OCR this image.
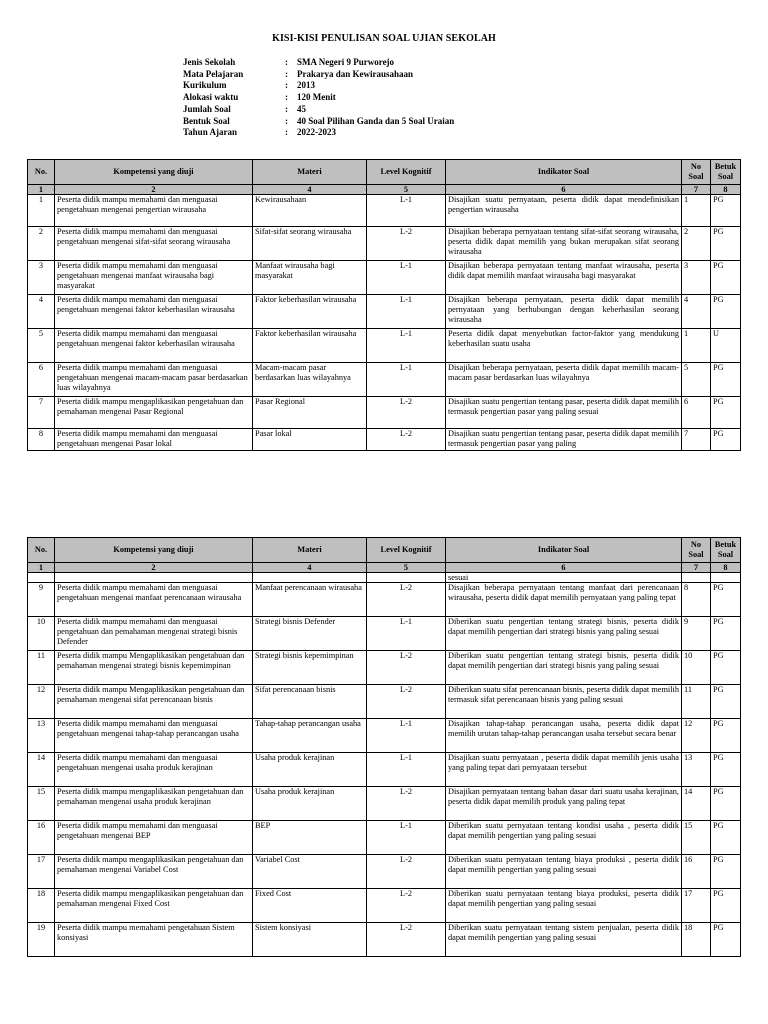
KISI-KISI PENULISAN SOAL UJIAN SEKOLAH
Jenis Sekolah	:	SMA Negeri 9 Purworejo
Mata Pelajaran	:	Prakarya dan Kewirausahaan
Kurikulum	:	2013
Alokasi waktu	:	120 Menit
Jumlah Soal	:	45
Bentuk Soal	:	40 Soal Pilihan Ganda dan 5 Soal Uraian
Tahun Ajaran	:	2022-2023
No.	Kompetensi yang diuji	Materi	Level Kognitif	Indikator Soal	No Soal	Betuk Soal
1	2	4	5	6	7	8
1	Peserta didik mampu memahami dan menguasai pengetahuan mengenai pengertian wirausaha	Kewirausahaan	L-1	Disajikan suatu pernyataan, peserta didik dapat mendefinisikan pengertian wirausaha	1	PG
2	Peserta didik mampu memahami dan menguasai pengetahuan mengenai sifat-sifat seorang wirausaha	Sifat-sifat seorang wirausaha	L-2	Disajikan beberapa pernyataan tentang sifat-sifat seorang wirausaha, peserta didik dapat memilih yang bukan merupakan sifat seorang wirausaha	2	PG
3	Peserta didik mampu memahami dan menguasai pengetahuan mengenai manfaat wirausaha bagi masyarakat	Manfaat wirausaha bagi masyarakat	L-1	Disajikan beberapa pernyataan tentang manfaat wirausaha, peserta didik dapat memilih manfaat wirausaha bagi masyarakat	3	PG
4	Peserta didik mampu memahami dan menguasai pengetahuan mengenai faktor keberhasilan wirausaha	Faktor keberhasilan wirausaha	L-1	Disajikan beberapa pernyataan, peserta didik dapat memilih pernyataan yang berhubungan dengan keberhasilan seorang wirausaha	4	PG
5	Peserta didik mampu memahami dan menguasai pengetahuan mengenai faktor keberhasilan wirausaha	Faktor keberhasilan wirausaha	L-1	Peserta didik dapat menyebutkan factor-faktor yang mendukung keberhasilan suatu usaha	1	U
6	Peserta didik mampu memahami dan menguasai pengetahuan mengenai macam-macam pasar berdasarkan luas wilayahnya	Macam-macam pasar berdasarkan luas wilayahnya	L-1	Disajikan beberapa pernyataan, peserta didik dapat memilih macam-macam pasar berdasarkan luas wilayahnya	5	PG
7	Peserta didik mampu mengaplikasikan pengetahuan dan pemahaman mengenai Pasar Regional	Pasar Regional	L-2	Disajikan suatu pengertian tentang pasar, peserta didik dapat memilih termasuk pengertian pasar yang paling sesuai	6	PG
8	Peserta didik mampu memahami dan menguasai pengetahuan mengenai Pasar lokal	Pasar lokal	L-2	Disajikan suatu pengertian tentang pasar, peserta didik dapat memilih termasuk pengertian pasar yang paling	7	PG
No.	Kompetensi yang diuji	Materi	Level Kognitif	Indikator Soal	No Soal	Betuk Soal
1	2	4	5	6	7	8
				sesuai		
9	Peserta didik mampu memahami dan menguasai pengetahuan mengenai manfaat perencanaan wirausaha	Manfaat perencanaan wirausaha	L-2	Disajikan beberapa pernyataan tentang manfaat dari perencanaan wirausaha, peserta didik dapat memilih pernyataan yang paling tepat	8	PG
10	Peserta didik mampu memahami dan menguasai pengetahuan dan pemahaman mengenai strategi bisnis Defender	Strategi bisnis Defender	L-1	Diberikan suatu pengertian tentang strategi bisnis, peserta didik dapat memilih pengertian dari strategi bisnis yang paling sesuai	9	PG
11	Peserta didik mampu Mengaplikasikan pengetahuan dan pemahaman mengenai strategi bisnis kepemimpinan	Strategi bisnis kepemimpinan	L-2	Diberikan suatu pengertian tentang strategi bisnis, peserta didik dapat memilih pengertian dari strategi bisnis yang paling sesuai	10	PG
12	Peserta didik mampu Mengaplikasikan pengetahuan dan pemahaman mengenai sifat perencanaan bisnis	Sifat perencanaan bisnis	L-2	Diberikan suatu sifat perencanaan bisnis, peserta didik dapat memilih termasuk sifat perencanaan bisnis yang paling sesuai	11	PG
13	Peserta didik mampu memahami dan menguasai pengetahuan mengenai tahap-tahap perancangan usaha	Tahap-tahap perancangan usaha	L-1	Disajikan tahap-tahap perancangan usaha, peserta didik dapat memilih urutan tahap-tahap perancangan usaha tersebut secara benar	12	PG
14	Peserta didik mampu memahami dan menguasai pengetahuan mengenai usaha produk kerajinan	Usaha produk kerajinan	L-1	Disajikan suatu pernyataan , peserta didik dapat memilih jenis usaha yang paling tepat dari pernyataan tersebut	13	PG
15	Peserta didik mampu mengaplikasikan pengetahuan dan pemahaman mengenai usaha produk kerajinan	Usaha produk kerajinan	L-2	Disajikan pernyataan tentang bahan dasar dari suatu usaha kerajinan, peserta didik dapat memilih produk yang paling tepat	14	PG
16	Peserta didik mampu memahami dan menguasai pengetahuan mengenai BEP	BEP	L-1	Diberikan suatu pernyataan tentang kondisi usaha , peserta didik dapat memilih pengertian yang paling sesuai	15	PG
17	Peserta didik mampu mengaplikasikan pengetahuan dan pemahaman mengenai Variabel Cost	Variabel Cost	L-2	Diberikan suatu pernyataan tentang biaya produksi , peserta didik dapat memilih pengertian yang paling sesuai	16	PG
18	Peserta didik mampu mengaplikasikan pengetahuan dan pemahaman mengenai Fixed Cost	Fixed Cost	L-2	Diberikan suatu pernyataan tentang biaya produksi, peserta didik dapat memilih pengertian yang paling sesuai	17	PG
19	Peserta didik mampu memahami pengetahuan Sistem konsiyasi	Sistem konsiyasi	L-2	Diberikan suatu pernyataan tentang sistem penjualan, peserta didik dapat memilih pengertian yang paling sesuai	18	PG
